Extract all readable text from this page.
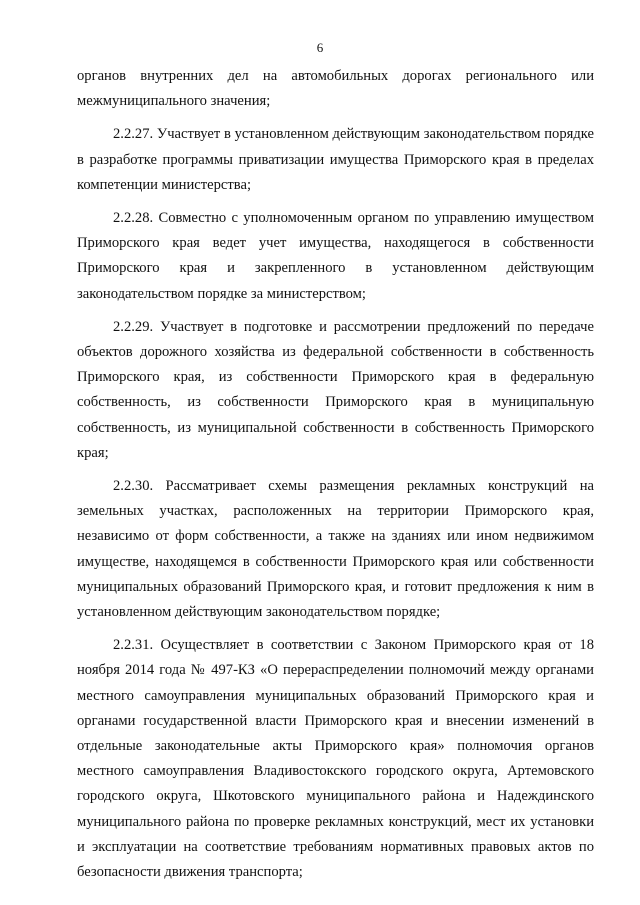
6

органов внутренних дел на автомобильных дорогах регионального или межмуниципального значения;

2.2.27. Участвует в установленном действующим законодательством порядке в разработке программы приватизации имущества Приморского края в пределах компетенции министерства;

2.2.28. Совместно с уполномоченным органом по управлению имуществом Приморского края ведет учет имущества, находящегося в собственности Приморского края и закрепленного в установленном действующим законодательством порядке за министерством;

2.2.29. Участвует в подготовке и рассмотрении предложений по передаче объектов дорожного хозяйства из федеральной собственности в собственность Приморского края, из собственности Приморского края в федеральную собственность, из собственности Приморского края в муниципальную собственность, из муниципальной собственности в собственность Приморского края;

2.2.30. Рассматривает схемы размещения рекламных конструкций на земельных участках, расположенных на территории Приморского края, независимо от форм собственности, а также на зданиях или ином недвижимом имуществе, находящемся в собственности Приморского края или собственности муниципальных образований Приморского края, и готовит предложения к ним в установленном действующим законодательством порядке;

2.2.31. Осуществляет в соответствии с Законом Приморского края от 18 ноября 2014 года № 497-КЗ «О перераспределении полномочий между органами местного самоуправления муниципальных образований Приморского края и органами государственной власти Приморского края и внесении изменений в отдельные законодательные акты Приморского края» полномочия органов местного самоуправления Владивостокского городского округа, Артемовского городского округа, Шкотовского муниципального района и Надеждинского муниципального района по проверке рекламных конструкций, мест их установки и эксплуатации на соответствие требованиям нормативных правовых актов по безопасности движения транспорта;
